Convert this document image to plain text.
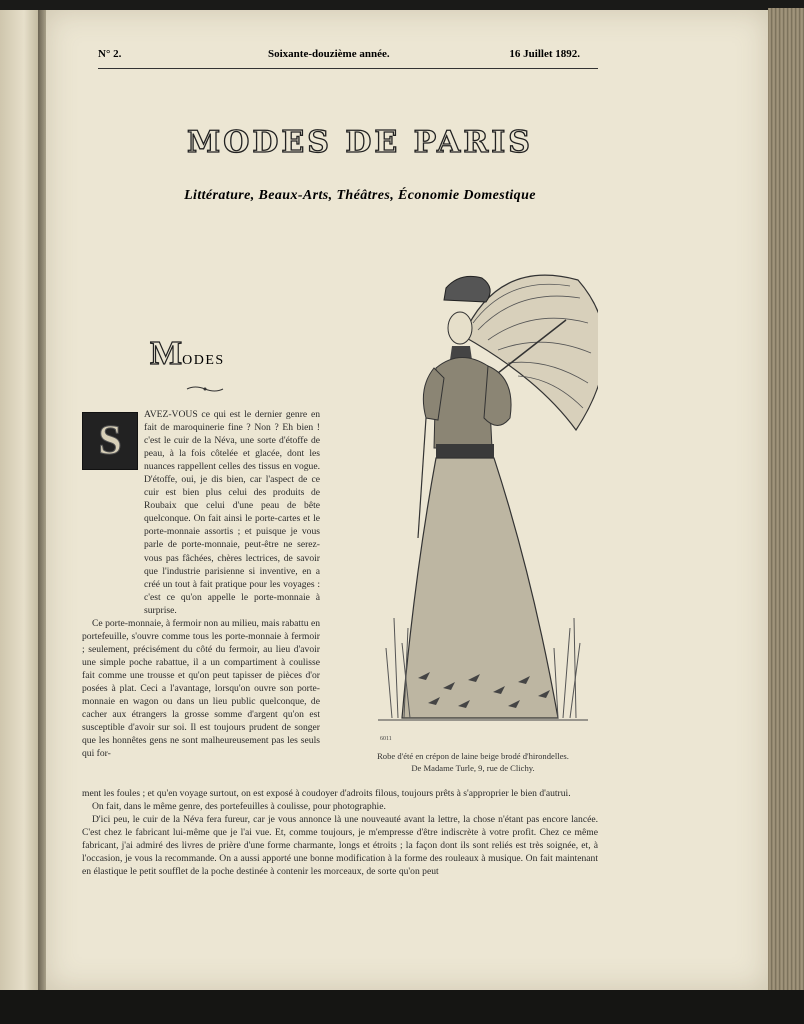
N° 2.	Soixante-douzième année.	16 Juillet 1892.
MODES DE PARIS
Littérature, Beaux-Arts, Théâtres, Économie Domestique
MODES
S

AVEZ-VOUS ce qui est le dernier genre en fait de maroquinerie fine ? Non ? Eh bien ! c'est le cuir de la Néva, une sorte d'étoffe de peau, à la fois côtelée et glacée, dont les nuances rappellent celles des tissus en vogue. D'étoffe, oui, je dis bien, car l'aspect de ce cuir est bien plus celui des produits de Roubaix que celui d'une peau de bête quelconque. On fait ainsi le porte-cartes et le porte-monnaie assortis ; et puisque je vous parle de porte-monnaie, peut-être ne serez-vous pas fâchées, chères lectrices, de savoir que l'industrie parisienne si inventive, en a créé un tout à fait pratique pour les voyages : c'est ce qu'on appelle le porte-monnaie à surprise.

Ce porte-monnaie, à fermoir non au milieu, mais rabattu en portefeuille, s'ouvre comme tous les porte-monnaie à fermoir ; seulement, précisément du côté du fermoir, au lieu d'avoir une simple poche rabattue, il a un compartiment à coulisse fait comme une trousse et qu'on peut tapisser de pièces d'or posées à plat. Ceci a l'avantage, lorsqu'on ouvre son porte-monnaie en wagon ou dans un lieu public quelconque, de cacher aux étrangers la grosse somme d'argent qu'on est susceptible d'avoir sur soi. Il est toujours prudent de songer que les honnêtes gens ne sont malheureusement pas les seuls qui for-

6011
Robe d'été en crépon de laine beige brodé d'hirondelles.
De Madame Turle, 9, rue de Clichy.

ment les foules ; et qu'en voyage surtout, on est exposé à coudoyer d'adroits filous, toujours prêts à s'approprier le bien d'autrui.

On fait, dans le même genre, des portefeuilles à coulisse, pour photographie.

D'ici peu, le cuir de la Néva fera fureur, car je vous annonce là une nouveauté avant la lettre, la chose n'étant pas encore lancée. C'est chez le fabricant lui-même que je l'ai vue. Et, comme toujours, je m'empresse d'être indiscrète à votre profit. Chez ce même fabricant, j'ai admiré des livres de prière d'une forme charmante, longs et étroits ; la façon dont ils sont reliés est très soignée, et, à l'occasion, je vous la recommande. On a aussi apporté une bonne modification à la forme des rouleaux à musique. On fait maintenant en élastique le petit soufflet de la poche destinée à contenir les morceaux, de sorte qu'on peut
